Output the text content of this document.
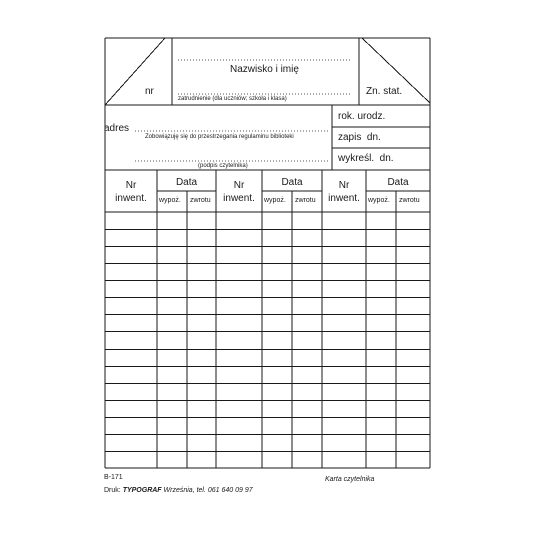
nr
Nazwisko i imię
zatrudnienie (dla uczniów; szkoła i klasa)
Zn. stat.
adres
Zobowiązuję się do przestrzegania regulaminu biblioteki
(podpis czytelnika)
rok. urodz.
zapis  dn.
wykreśl.  dn.
Nr
inwent.
Data
wypoż. zwrotu
Nr
inwent.
Data
wypoż. zwrotu
Nr
inwent.
Data
wypoż. zwrotu
B-171	Karta czytelnika
Druk: TYPOGRAF Września, tel. 061 640 09 97
